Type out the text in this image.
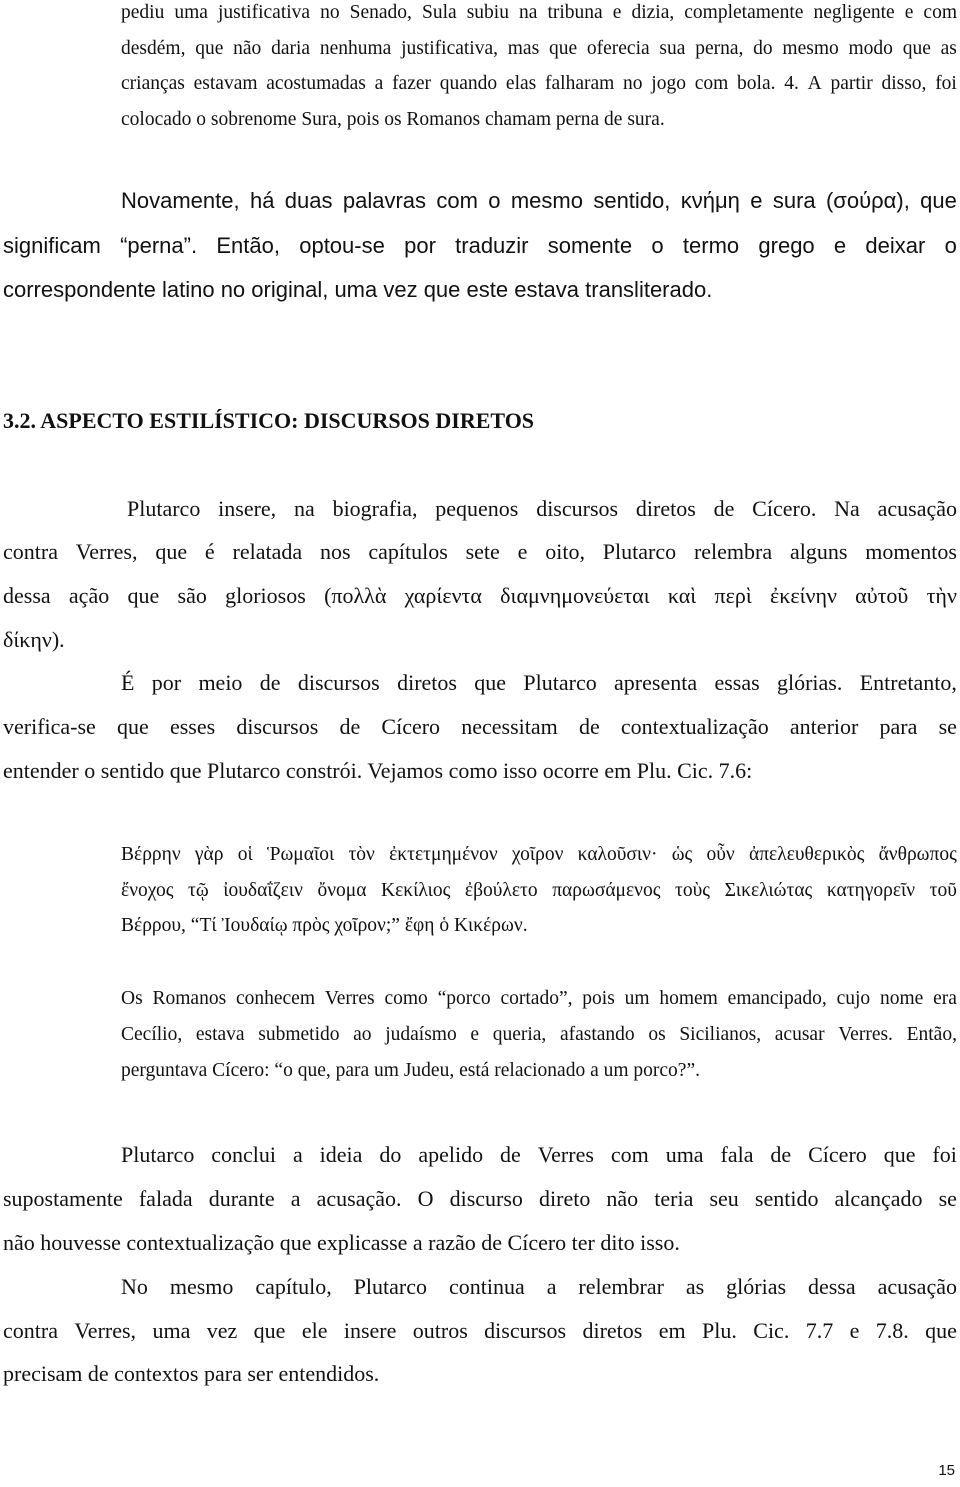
pediu uma justificativa no Senado, Sula subiu na tribuna e dizia, completamente negligente e com
desdém, que não daria nenhuma justificativa, mas que oferecia sua perna, do mesmo modo que as
crianças estavam acostumadas a fazer quando elas falharam no jogo com bola. 4. A partir disso, foi
colocado o sobrenome Sura, pois os Romanos chamam perna de sura.
Novamente, há duas palavras com o mesmo sentido, κνήμη e sura (σούρα), que
significam “perna”. Então, optou-se por traduzir somente o termo grego e deixar o
correspondente latino no original, uma vez que este estava transliterado.
3.2. ASPECTO ESTILÍSTICO: DISCURSOS DIRETOS
Plutarco insere, na biografia, pequenos discursos diretos de Cícero. Na acusação
contra Verres, que é relatada nos capítulos sete e oito, Plutarco relembra alguns momentos
dessa ação que são gloriosos (πολλὰ χαρίεντα διαμνημονεύεται καὶ περὶ ἐκείνην αὐτοῦ τὴν
δίκην).
É por meio de discursos diretos que Plutarco apresenta essas glórias. Entretanto,
verifica-se que esses discursos de Cícero necessitam de contextualização anterior para se
entender o sentido que Plutarco constrói. Vejamos como isso ocorre em Plu. Cic. 7.6:
Βέρρην γὰρ οἱ Ῥωμαῖοι τὸν ἐκτετμημένον χοῖρον καλοῦσιν· ὡς οὖν ἀπελευθερικὸς ἄνθρωπος
ἔνοχος τῷ ἰουδαΐζειν ὄνομα Κεκίλιος ἐβούλετο παρωσάμενος τοὺς Σικελιώτας κατηγορεῖν τοῦ
Βέρρου, “Τί Ἰουδαίῳ πρὸς χοῖρον;” ἔφη ὁ Κικέρων.
Os Romanos conhecem Verres como “porco cortado”, pois um homem emancipado, cujo nome era
Cecílio, estava submetido ao judaísmo e queria, afastando os Sicilianos, acusar Verres. Então,
perguntava Cícero: “o que, para um Judeu, está relacionado a um porco?”.
Plutarco conclui a ideia do apelido de Verres com uma fala de Cícero que foi
supostamente falada durante a acusação. O discurso direto não teria seu sentido alcançado se
não houvesse contextualização que explicasse a razão de Cícero ter dito isso.
No mesmo capítulo, Plutarco continua a relembrar as glórias dessa acusação
contra Verres, uma vez que ele insere outros discursos diretos em Plu. Cic. 7.7 e 7.8. que
precisam de contextos para ser entendidos.
15
